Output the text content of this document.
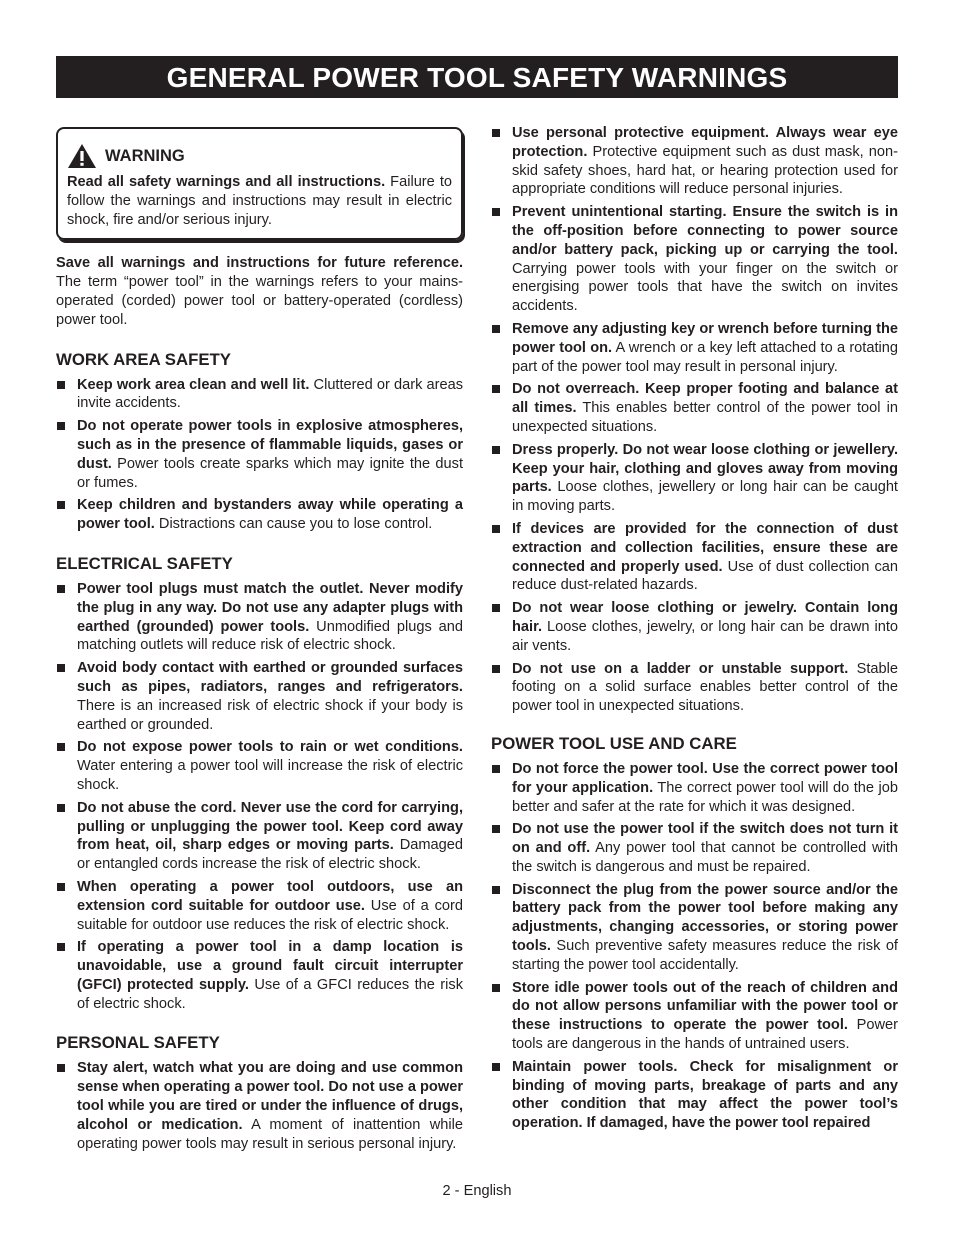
GENERAL POWER TOOL SAFETY WARNINGS
WARNING
Read all safety warnings and all instructions. Failure to follow the warnings and instructions may result in electric shock, fire and/or serious injury.
Save all warnings and instructions for future reference. The term “power tool” in the warnings refers to your mains-operated (corded) power tool or battery-operated (cordless) power tool.
WORK AREA SAFETY
Keep work area clean and well lit. Cluttered or dark areas invite accidents.
Do not operate power tools in explosive atmospheres, such as in the presence of flammable liquids, gases or dust. Power tools create sparks which may ignite the dust or fumes.
Keep children and bystanders away while operating a power tool. Distractions can cause you to lose control.
ELECTRICAL SAFETY
Power tool plugs must match the outlet. Never modify the plug in any way. Do not use any adapter plugs with earthed (grounded) power tools. Unmodified plugs and matching outlets will reduce risk of electric shock.
Avoid body contact with earthed or grounded surfaces such as pipes, radiators, ranges and refrigerators. There is an increased risk of electric shock if your body is earthed or grounded.
Do not expose power tools to rain or wet conditions. Water entering a power tool will increase the risk of electric shock.
Do not abuse the cord. Never use the cord for carrying, pulling or unplugging the power tool. Keep cord away from heat, oil, sharp edges or moving parts. Damaged or entangled cords increase the risk of electric shock.
When operating a power tool outdoors, use an extension cord suitable for outdoor use. Use of a cord suitable for outdoor use reduces the risk of electric shock.
If operating a power tool in a damp location is unavoidable, use a ground fault circuit interrupter (GFCI) protected supply. Use of a GFCI reduces the risk of electric shock.
PERSONAL SAFETY
Stay alert, watch what you are doing and use common sense when operating a power tool. Do not use a power tool while you are tired or under the influence of drugs, alcohol or medication. A moment of inattention while operating power tools may result in serious personal injury.
Use personal protective equipment. Always wear eye protection. Protective equipment such as dust mask, non-skid safety shoes, hard hat, or hearing protection used for appropriate conditions will reduce personal injuries.
Prevent unintentional starting. Ensure the switch is in the off-position before connecting to power source and/or battery pack, picking up or carrying the tool. Carrying power tools with your finger on the switch or energising power tools that have the switch on invites accidents.
Remove any adjusting key or wrench before turning the power tool on. A wrench or a key left attached to a rotating part of the power tool may result in personal injury.
Do not overreach. Keep proper footing and balance at all times. This enables better control of the power tool in unexpected situations.
Dress properly. Do not wear loose clothing or jewellery. Keep your hair, clothing and gloves away from moving parts. Loose clothes, jewellery or long hair can be caught in moving parts.
If devices are provided for the connection of dust extraction and collection facilities, ensure these are connected and properly used. Use of dust collection can reduce dust-related hazards.
Do not wear loose clothing or jewelry. Contain long hair. Loose clothes, jewelry, or long hair can be drawn into air vents.
Do not use on a ladder or unstable support. Stable footing on a solid surface enables better control of the power tool in unexpected situations.
POWER TOOL USE AND CARE
Do not force the power tool. Use the correct power tool for your application. The correct power tool will do the job better and safer at the rate for which it was designed.
Do not use the power tool if the switch does not turn it on and off. Any power tool that cannot be controlled with the switch is dangerous and must be repaired.
Disconnect the plug from the power source and/or the battery pack from the power tool before making any adjustments, changing accessories, or storing power tools. Such preventive safety measures reduce the risk of starting the power tool accidentally.
Store idle power tools out of the reach of children and do not allow persons unfamiliar with the power tool or these instructions to operate the power tool. Power tools are dangerous in the hands of untrained users.
Maintain power tools. Check for misalignment or binding of moving parts, breakage of parts and any other condition that may affect the power tool’s operation. If damaged, have the power tool repaired
2 - English
